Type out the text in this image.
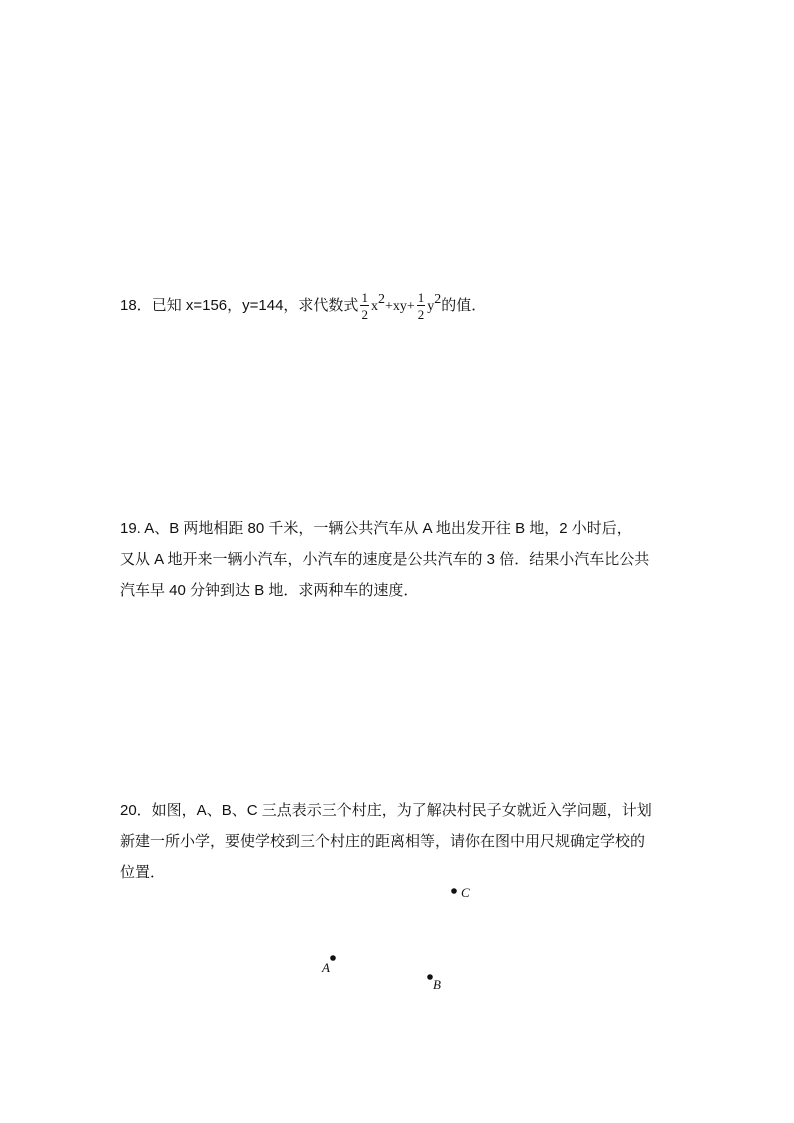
18．已知 x=156，y=144，求代数式 $\frac{1}{2} x^2+xy+ \frac{1}{2} y^2$的值．

19. A、B 两地相距 80 千米，一辆公共汽车从 A 地出发开往 B 地，2 小时后，

又从 A 地开来一辆小汽车，小汽车的速度是公共汽车的 3 倍．结果小汽车比公共

汽车早 40 分钟到达 B 地．求两种车的速度．

20．如图，A、B、C 三点表示三个村庄，为了解决村民子女就近入学问题，计划

新建一所小学，要使学校到三个村庄的距离相等，请你在图中用尺规确定学校的

位置．

C
A
B
